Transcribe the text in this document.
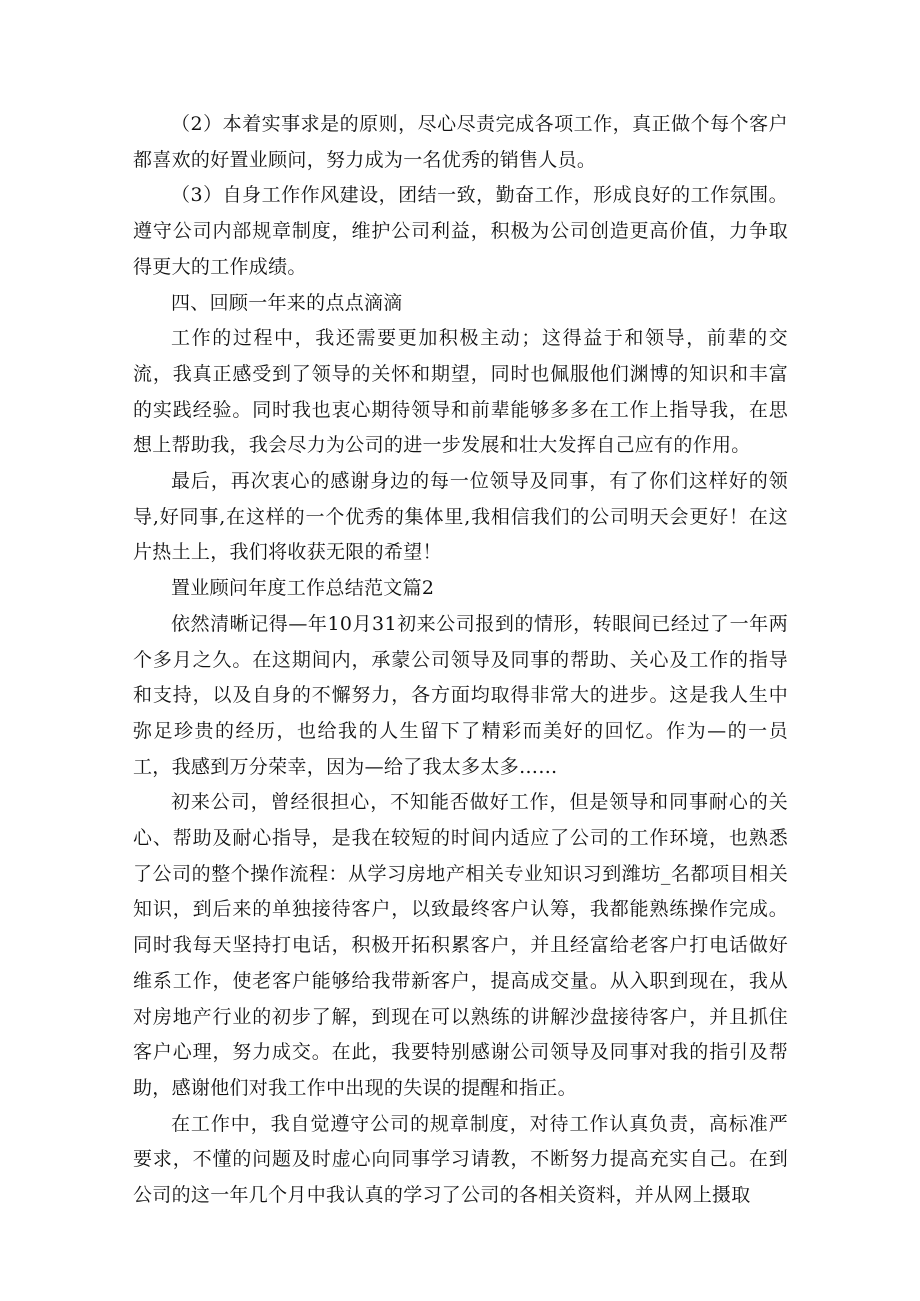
（2）本着实事求是的原则，尽心尽责完成各项工作，真正做个每个客户都喜欢的好置业顾问，努力成为一名优秀的销售人员。

（3）自身工作作风建设，团结一致，勤奋工作，形成良好的工作氛围。遵守公司内部规章制度，维护公司利益，积极为公司创造更高价值，力争取得更大的工作成绩。

四、回顾一年来的点点滴滴

工作的过程中，我还需要更加积极主动；这得益于和领导，前辈的交流，我真正感受到了领导的关怀和期望，同时也佩服他们渊博的知识和丰富的实践经验。同时我也衷心期待领导和前辈能够多多在工作上指导我，在思想上帮助我，我会尽力为公司的进一步发展和壮大发挥自己应有的作用。

最后，再次衷心的感谢身边的每一位领导及同事，有了你们这样好的领导,好同事,在这样的一个优秀的集体里,我相信我们的公司明天会更好！在这片热土上，我们将收获无限的希望！

置业顾问年度工作总结范文篇2

依然清晰记得—年10月31初来公司报到的情形，转眼间已经过了一年两个多月之久。在这期间内，承蒙公司领导及同事的帮助、关心及工作的指导和支持，以及自身的不懈努力，各方面均取得非常大的进步。这是我人生中弥足珍贵的经历，也给我的人生留下了精彩而美好的回忆。作为—的一员工，我感到万分荣幸，因为—给了我太多太多……

初来公司，曾经很担心，不知能否做好工作，但是领导和同事耐心的关心、帮助及耐心指导，是我在较短的时间内适应了公司的工作环境，也熟悉了公司的整个操作流程：从学习房地产相关专业知识习到潍坊_名都项目相关知识，到后来的单独接待客户，以致最终客户认筹，我都能熟练操作完成。同时我每天坚持打电话，积极开拓积累客户，并且经富给老客户打电话做好维系工作，使老客户能够给我带新客户，提高成交量。从入职到现在，我从对房地产行业的初步了解，到现在可以熟练的讲解沙盘接待客户，并且抓住客户心理，努力成交。在此，我要特别感谢公司领导及同事对我的指引及帮助，感谢他们对我工作中出现的失误的提醒和指正。

在工作中，我自觉遵守公司的规章制度，对待工作认真负责，高标准严要求，不懂的问题及时虚心向同事学习请教，不断努力提高充实自己。在到公司的这一年几个月中我认真的学习了公司的各相关资料，并从网上摄取
